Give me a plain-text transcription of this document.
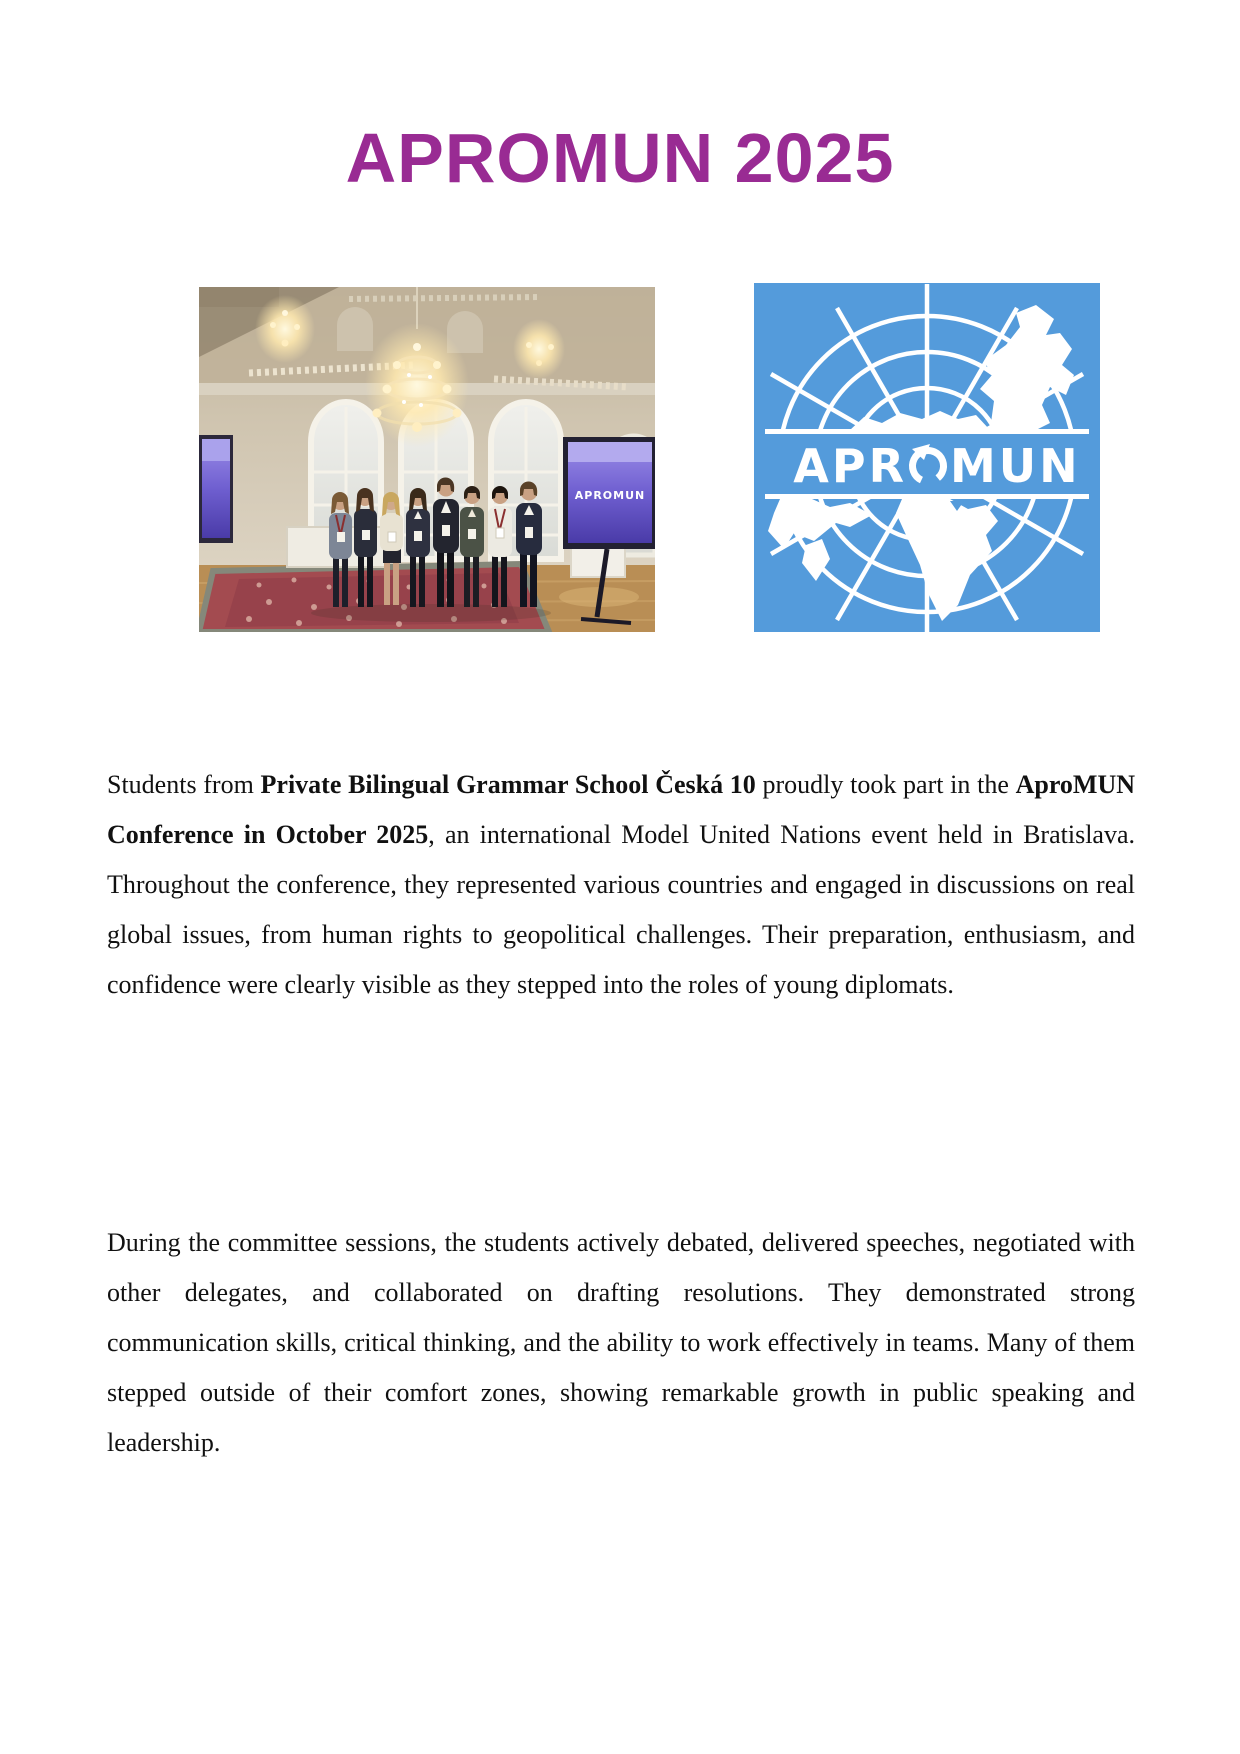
APROMUN 2025
APROMUN
APR MUN

Students from Private Bilingual Grammar School Česká 10 proudly took part in the AproMUN Conference in October 2025, an international Model United Nations event held in Bratislava. Throughout the conference, they represented various countries and engaged in discussions on real global issues, from human rights to geopolitical challenges. Their preparation, enthusiasm, and confidence were clearly visible as they stepped into the roles of young diplomats.

During the committee sessions, the students actively debated, delivered speeches, negotiated with other delegates, and collaborated on drafting resolutions. They demonstrated strong communication skills, critical thinking, and the ability to work effectively in teams. Many of them stepped outside of their comfort zones, showing remarkable growth in public speaking and leadership.
